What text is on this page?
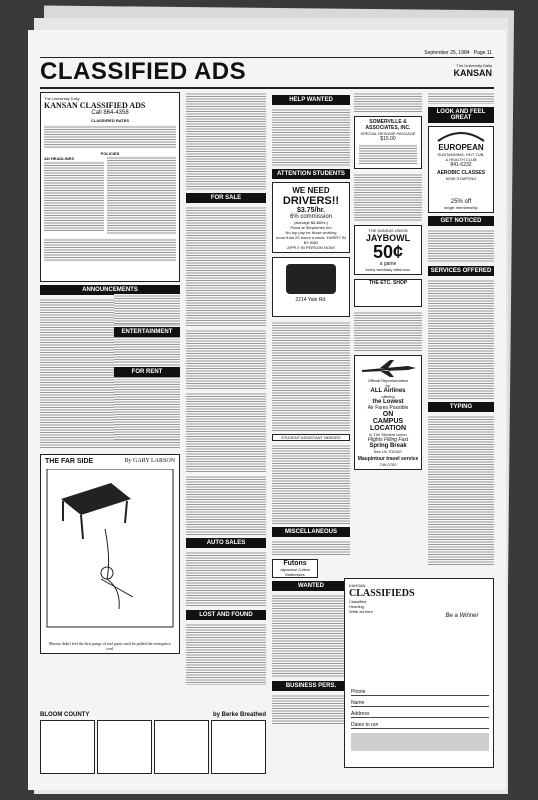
September 25, 1984 Page 11
CLASSIFIED ADS	The University Daily
KANSAN
The University Daily
KANSAN CLASSIFIED ADS
Call 864-4358
CLASSIFIED RATES
POLICIES
AD HEADLINES
ANNOUNCEMENTS
THE FAR SIDE	By GARY LARSON
Murray didn't feel the first pangs of real panic until he pulled the emergency cord.
BLOOM COUNTY	by Berke Breathed
FOR SALE
AUTO SALES
LOST AND FOUND
ENTERTAINMENT
FOR RENT
HELP WANTED
ATTENTION STUDENTS
WE NEED
DRIVERS!!
$3.75/hr.
6% commission
(average $5-$6/hr.)
Pizza at Stephenes Inn
No top pay for those working
more than 25 hours a week. HURRY IN BY AND
APPLY IN PERSON NOW!
2214 Yale Rd.
STUDENT ASSISTANT NEEDED
MISCELLANEOUS
Futons
Japanese Cotton
Mattresses
WANTED
BUSINESS PERS.
SOMERVILLE &
ASSOCIATES, INC.
SPECIAL RESUME PACKAGE
$15.00
THE KANSAS UNION
JAYBOWL
50¢
a game
every weekday afternoon
THE ETC. SHOP
Official Representative
for
ALL Airlines
offering
the Lowest
Air Fares Possible
ON
CAMPUS
LOCATION
in The Student Union
Flights Filling Fast
Spring Break
See Us TODAY!
Maupintour travel service
749-0700
LOOK AND FEEL GREAT
EUROPEAN
SUNTANNING, HOT TUB,
& HEALTH CLUB
841-6232
AEROBIC CLASSES
NOW STARTING
25% off
single membership
GET NOTICED
SERVICES OFFERED
TYPING
KANSAN
CLASSIFIEDS
Classified
Heading
Write ad here
Be a Winner
Phone
Name
Address
Dates to run
